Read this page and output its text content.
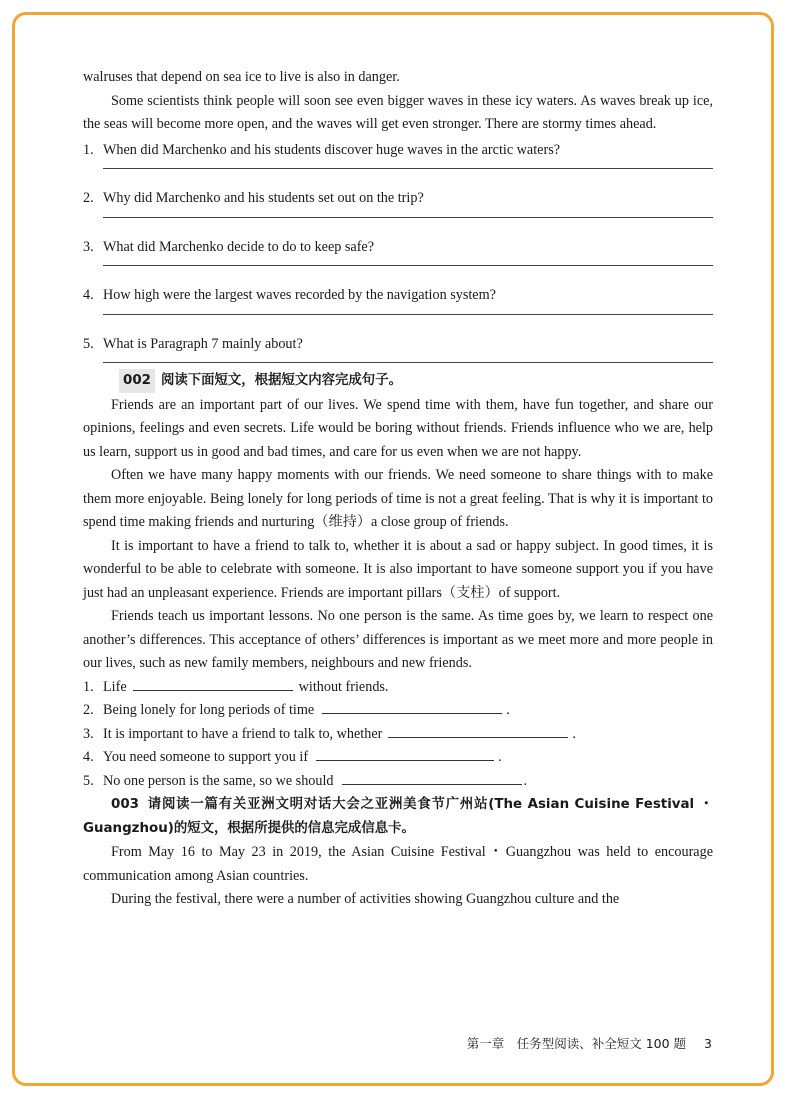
walruses that depend on sea ice to live is also in danger.

Some scientists think people will soon see even bigger waves in these icy waters. As waves break up ice, the seas will become more open, and the waves will get even stronger. There are stormy times ahead.

1. When did Marchenko and his students discover huge waves in the arctic waters?
2. Why did Marchenko and his students set out on the trip?
3. What did Marchenko decide to do to keep safe?
4. How high were the largest waves recorded by the navigation system?
5. What is Paragraph 7 mainly about?
002 阅读下面短文，根据短文内容完成句子。

Friends are an important part of our lives. We spend time with them, have fun together, and share our opinions, feelings and even secrets. Life would be boring without friends. Friends influence who we are, help us learn, support us in good and bad times, and care for us even when we are not happy.

Often we have many happy moments with our friends. We need someone to share things with to make them more enjoyable. Being lonely for long periods of time is not a great feeling. That is why it is important to spend time making friends and nurturing（维持）a close group of friends.

It is important to have a friend to talk to, whether it is about a sad or happy subject. In good times, it is wonderful to be able to celebrate with someone. It is also important to have someone support you if you have just had an unpleasant experience. Friends are important pillars（支柱）of support.

Friends teach us important lessons. No one person is the same. As time goes by, we learn to respect one another’s differences. This acceptance of others’ differences is important as we meet more and more people in our lives, such as new family members, neighbours and new friends.

1. Life	without friends.
2. Being lonely for long periods of time	.
3. It is important to have a friend to talk to, whether	.
4. You need someone to support you if	.
5. No one person is the same, so we should	.

003 请阅读一篇有关亚洲文明对话大会之亚洲美食节广州站(The Asian Cuisine Festival ・Guangzhou)的短文，根据所提供的信息完成信息卡。

From May 16 to May 23 in 2019, the Asian Cuisine Festival・Guangzhou was held to encourage communication among Asian countries.

During the festival, there were a number of activities showing Guangzhou culture and the

第一章　任务型阅读、补全短文 100 题 3
